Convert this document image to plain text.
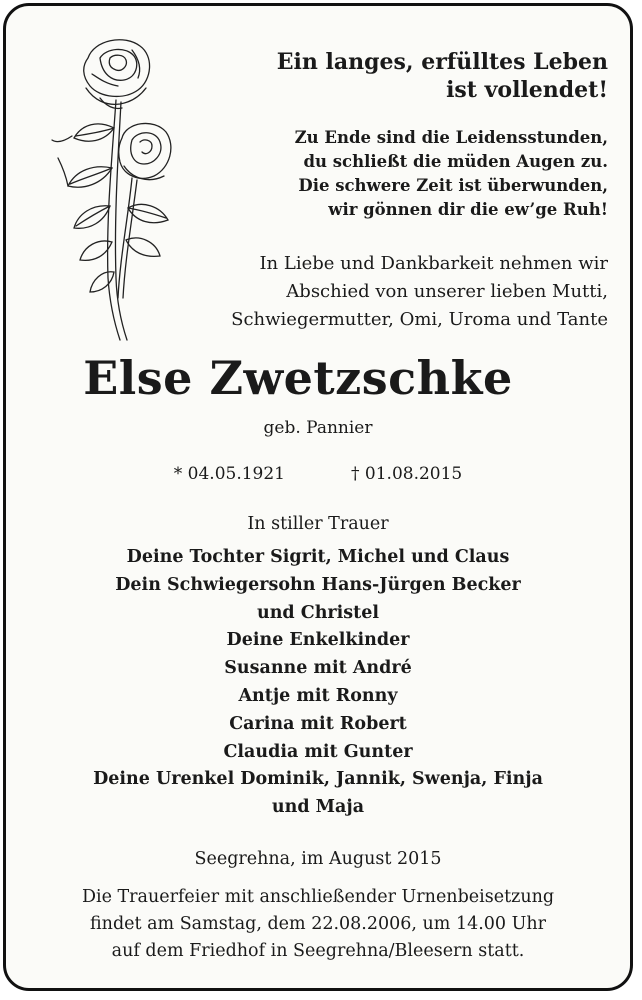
Ein langes, erfülltes Leben
ist vollendet!
Zu Ende sind die Leidensstunden,
du schließt die müden Augen zu.
Die schwere Zeit ist überwunden,
wir gönnen dir die ew’ge Ruh!
In Liebe und Dankbarkeit nehmen wir
Abschied von unserer lieben Mutti,
Schwiegermutter, Omi, Uroma und Tante
Else Zwetzschke
geb. Pannier
* 04.05.1921	† 01.08.2015
In stiller Trauer
Deine Tochter Sigrit, Michel und Claus
Dein Schwiegersohn Hans-Jürgen Becker
und Christel
Deine Enkelkinder
Susanne mit André
Antje mit Ronny
Carina mit Robert
Claudia mit Gunter
Deine Urenkel Dominik, Jannik, Swenja, Finja
und Maja
Seegrehna, im August 2015
Die Trauerfeier mit anschließender Urnenbeisetzung
findet am Samstag, dem 22.08.2006, um 14.00 Uhr
auf dem Friedhof in Seegrehna/Bleesern statt.
